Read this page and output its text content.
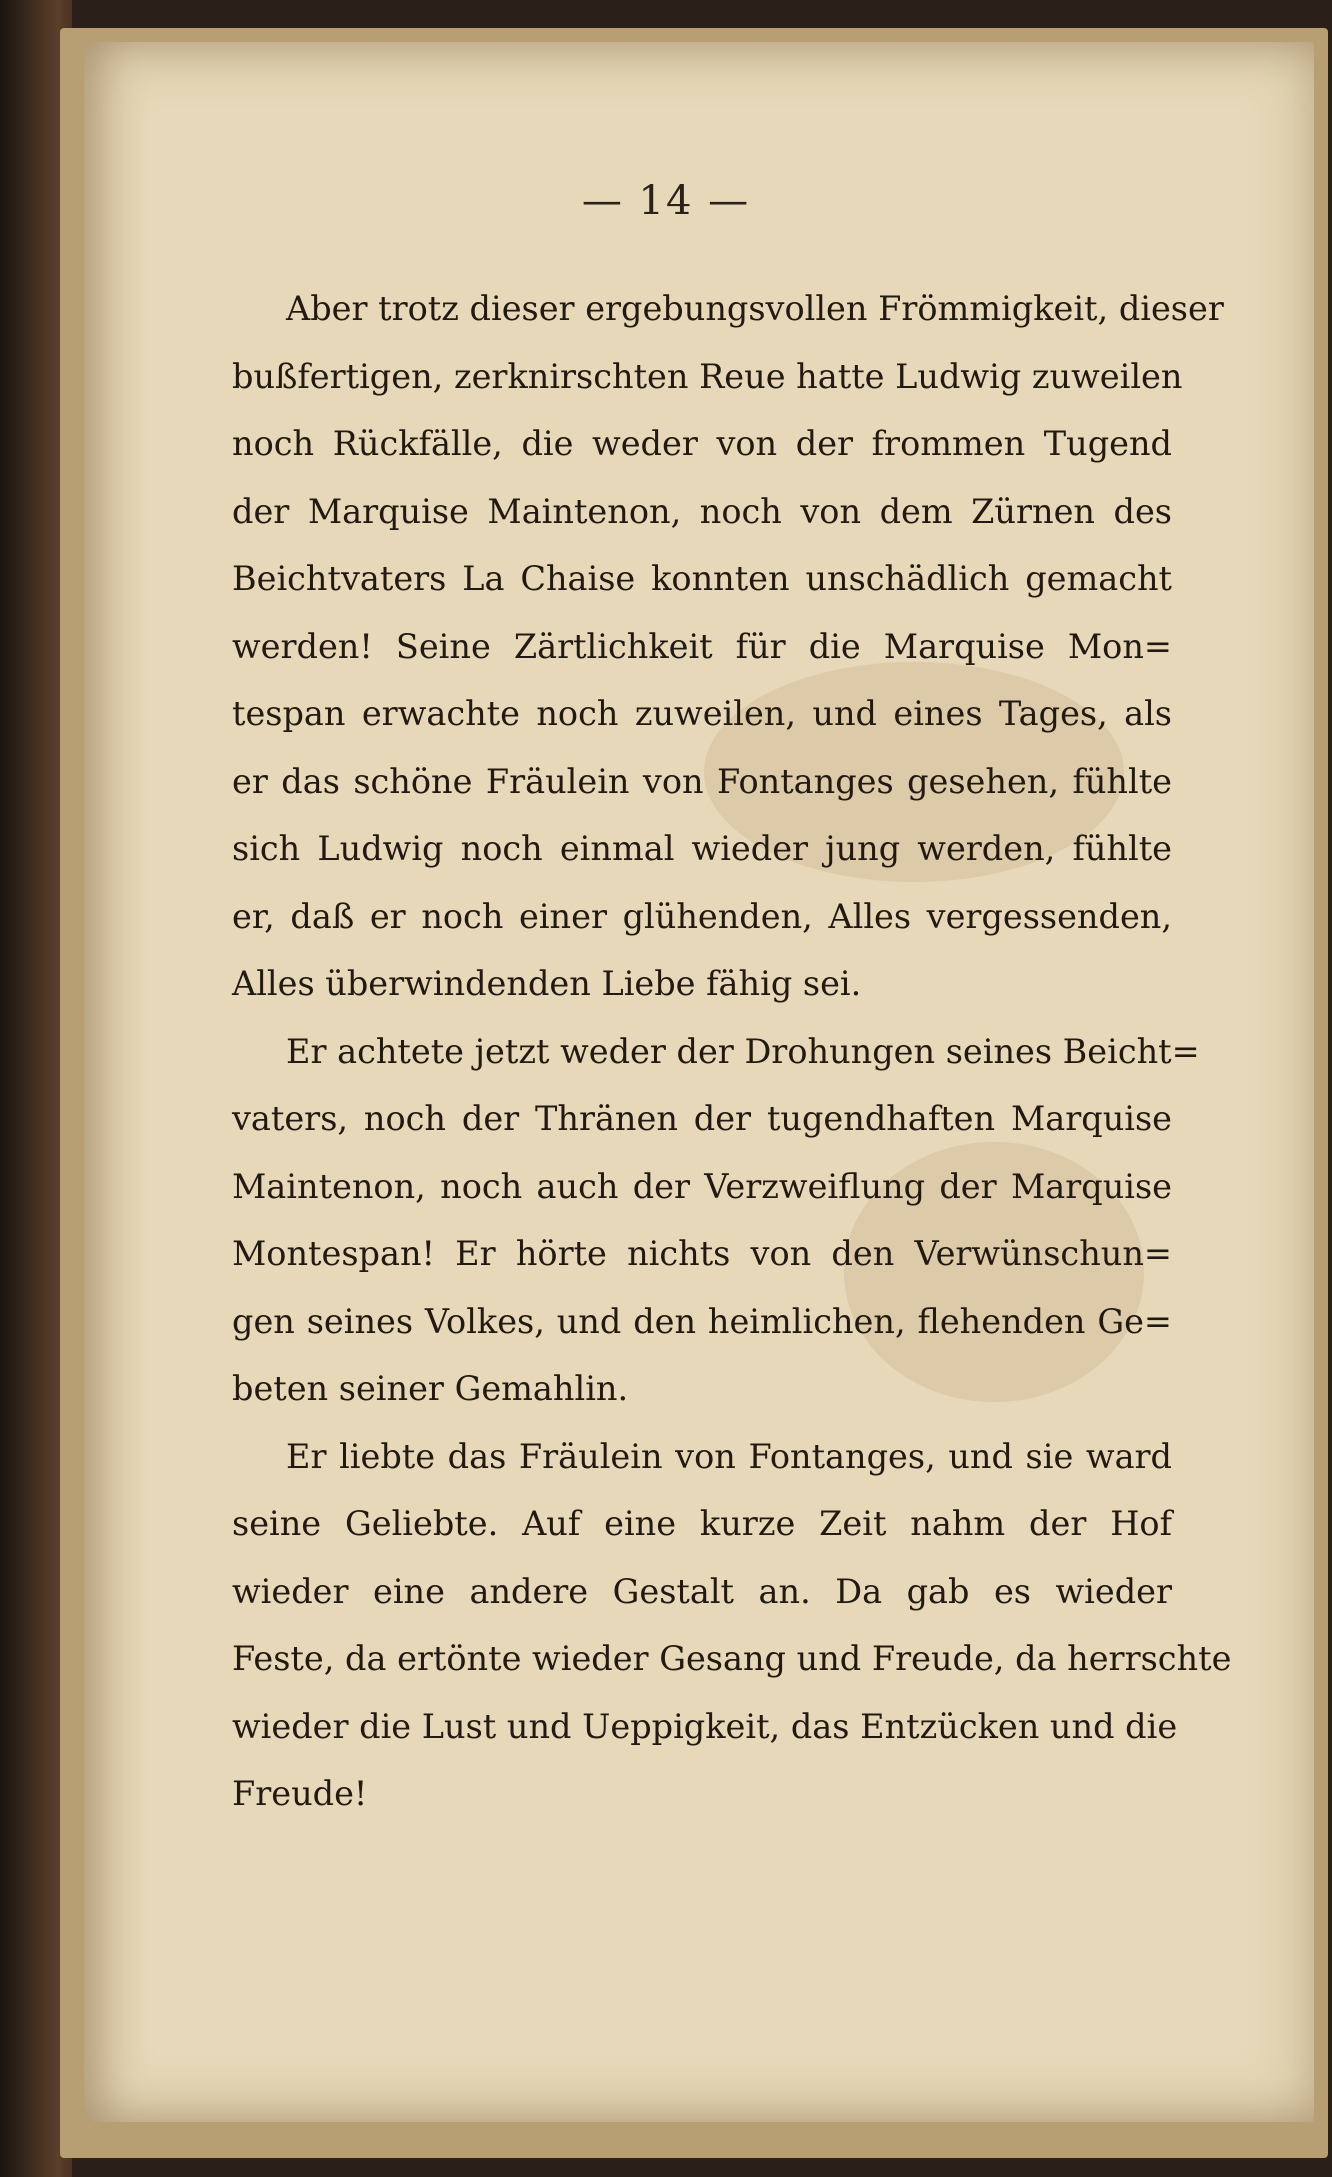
— 14 —

Aber trotz dieser ergebungsvollen Frömmigkeit, dieser
bußfertigen, zerknirschten Reue hatte Ludwig zuweilen
noch Rückfälle, die weder von der frommen Tugend
der Marquise Maintenon, noch von dem Zürnen des
Beichtvaters La Chaise konnten unschädlich gemacht
werden! Seine Zärtlichkeit für die Marquise Mon=
tespan erwachte noch zuweilen, und eines Tages, als
er das schöne Fräulein von Fontanges gesehen, fühlte
sich Ludwig noch einmal wieder jung werden, fühlte
er, daß er noch einer glühenden, Alles vergessenden,
Alles überwindenden Liebe fähig sei.

Er achtete jetzt weder der Drohungen seines Beicht=
vaters, noch der Thränen der tugendhaften Marquise
Maintenon, noch auch der Verzweiflung der Marquise
Montespan! Er hörte nichts von den Verwünschun=
gen seines Volkes, und den heimlichen, flehenden Ge=
beten seiner Gemahlin.

Er liebte das Fräulein von Fontanges, und sie ward
seine Geliebte. Auf eine kurze Zeit nahm der Hof
wieder eine andere Gestalt an. Da gab es wieder
Feste, da ertönte wieder Gesang und Freude, da herrschte
wieder die Lust und Ueppigkeit, das Entzücken und die
Freude!
